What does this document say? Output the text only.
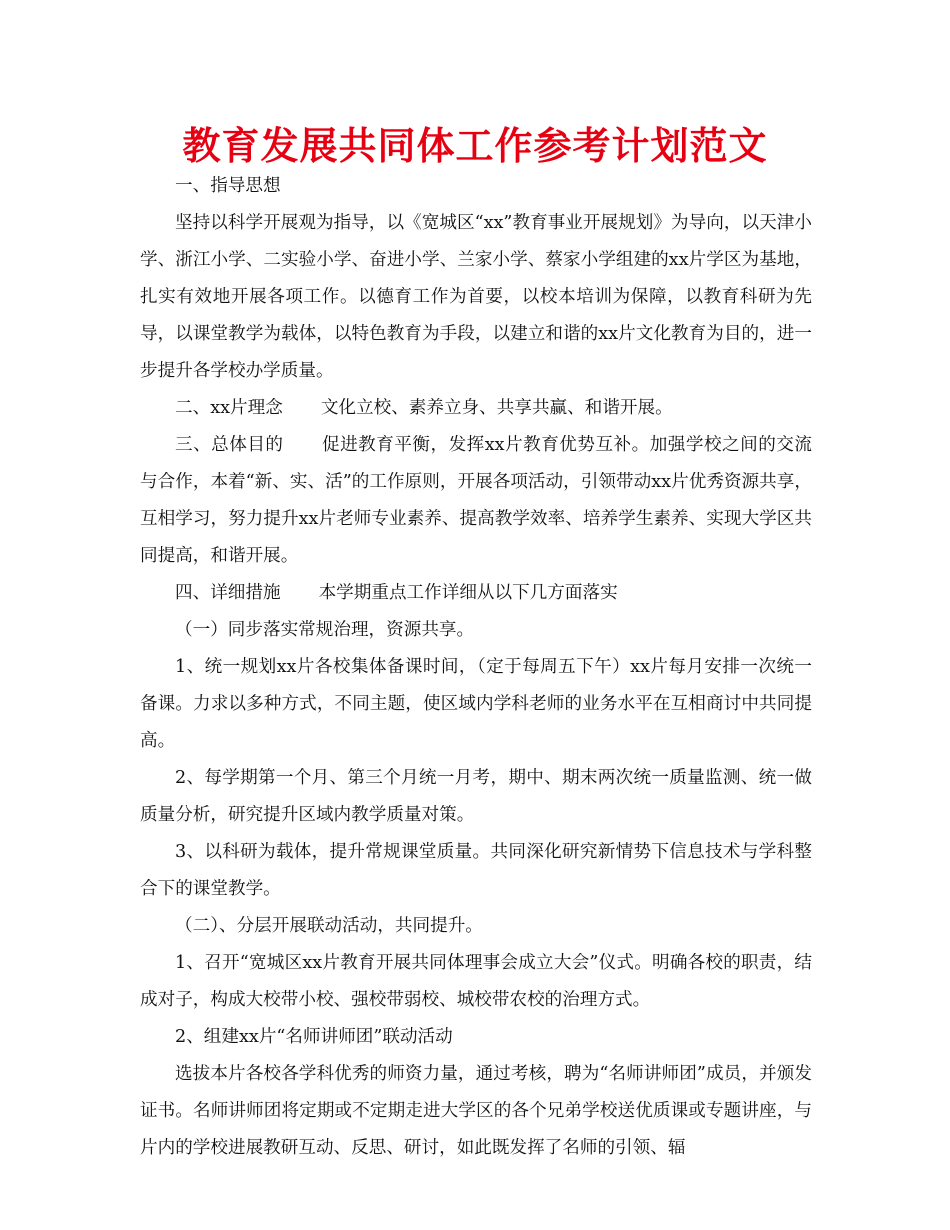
教育发展共同体工作参考计划范文

一、指导思想

坚持以科学开展观为指导，以《宽城区“xx”教育事业开展规划》为导向，以天津小学、浙江小学、二实验小学、奋进小学、兰家小学、蔡家小学组建的xx片学区为基地，扎实有效地开展各项工作。以德育工作为首要，以校本培训为保障，以教育科研为先导，以课堂教学为载体，以特色教育为手段，以建立和谐的xx片文化教育为目的，进一步提升各学校办学质量。

二、xx片理念 文化立校、素养立身、共享共赢、和谐开展。

三、总体目的 促进教育平衡，发挥xx片教育优势互补。加强学校之间的交流与合作，本着“新、实、活”的工作原则，开展各项活动，引领带动xx片优秀资源共享，互相学习，努力提升xx片老师专业素养、提高教学效率、培养学生素养、实现大学区共同提高，和谐开展。

四、详细措施 本学期重点工作详细从以下几方面落实

（一）同步落实常规治理，资源共享。

1、统一规划xx片各校集体备课时间，（定于每周五下午）xx片每月安排一次统一备课。力求以多种方式，不同主题，使区域内学科老师的业务水平在互相商讨中共同提高。

2、每学期第一个月、第三个月统一月考，期中、期末两次统一质量监测、统一做质量分析，研究提升区域内教学质量对策。

3、以科研为载体，提升常规课堂质量。共同深化研究新情势下信息技术与学科整合下的课堂教学。

（二）、分层开展联动活动，共同提升。

1、召开“宽城区xx片教育开展共同体理事会成立大会”仪式。明确各校的职责，结成对子，构成大校带小校、强校带弱校、城校带农校的治理方式。

2、组建xx片“名师讲师团”联动活动

选拔本片各校各学科优秀的师资力量，通过考核，聘为“名师讲师团”成员，并颁发证书。名师讲师团将定期或不定期走进大学区的各个兄弟学校送优质课或专题讲座，与片内的学校进展教研互动、反思、研讨，如此既发挥了名师的引领、辐
